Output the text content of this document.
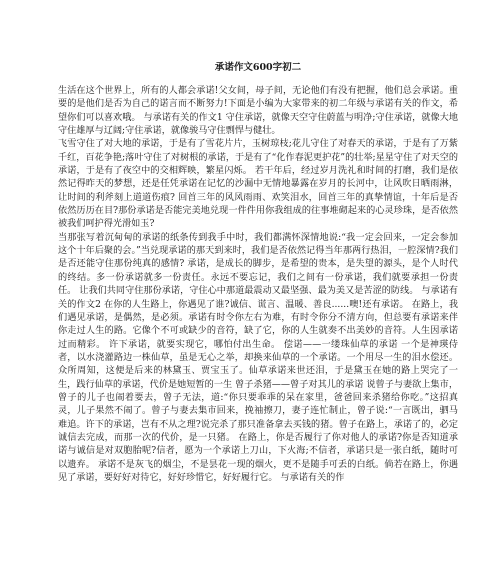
承诺作文600字初二

生活在这个世界上，所有的人都会承诺!父女间，母子间，无论他们有没有把握，他们总会承诺。重要的是他们是否为自己的诺言而不断努力!下面是小编为大家带来的初二年级与承诺有关的作文，希望你们可以喜欢哦。 与承诺有关的作文1 守住承诺，就像天空守住蔚蓝与明净;守住承诺，就像大地守住雄厚与辽阔;守住承诺，就像骏马守住剽悍与健壮。

飞雪守住了对大地的承诺，于是有了雪花片片，玉树琼枝;花儿守住了对春天的承诺，于是有了万紫千红，百花争艳;落叶守住了对树根的承诺，于是有了“化作春泥更护花”的壮举;星星守住了对天空的承诺，于是有了夜空中的交相辉映，繁星闪烁。 若干年后，经过岁月洗礼和时间的打磨，我们是依然记得昨天的梦想，还是任凭承诺在记忆的沙漏中无情地暴露在岁月的长河中，让风吹日晒雨淋，让时间的利斧刻上道道伤痕? 回首三年的风风雨雨、欢笑泪水，回首三年的真挚情谊，十年后是否依然历历在目?那份承诺是否能完美地兑现一件件用你我组成的往事堆砌起来的心灵珍珠，是否依然被我们呵护得光滑如玉?

当那张写着沉甸甸的承诺的纸条传到我手中时，我们都满怀深情地说:“我一定会回来，一定会参加这个十年后聚的会。”当兑现承诺的那天到来时，我们是否依然记得当年那两行热泪，一腔深情?我们是否还能守住那份纯真的感情? 承诺，是成长的脚步，是希望的贵本，是失望的源头，是个人时代的终结。多一份承诺就多一份责任。永远不要忘记，我们之间有一份承诺，我们就要承担一份责任。 让我们共同守住那份承诺，守住心中那道最震动又最坚强、最为美又是苦涩的防线。 与承诺有关的作文2 在你的人生路上，你遇见了谁?诚信、谎言、温暖、善良......噢!还有承诺。 在路上，我们遇见承诺，是偶然，是必须。承诺有时令你左右为难，有时令你分不清方向，但总要有承诺来伴你走过人生的路。它像个不可或缺少的音符，缺了它，你的人生就奏不出美妙的音符。人生因承诺过而精彩。 许下承诺，就要实现它，哪怕付出生命。 偿诺——一缕珠仙草的承诺 一个是神瑛侍者，以水浇灌路边一株仙草，虽是无心之举，却换来仙草的一个承诺。一个用尽一生的泪水偿还。众所周知，这便是后来的林黛玉、贾宝玉了。仙草承诺来世还泪，于是黛玉在她的路上哭完了一生，践行仙草的承诺，代价是她短暂的一生 曾子杀猪——曾子对其儿的承诺 说曾子与妻欲上集市，曾子的儿子也闹着要去，曾子无法，道:“你只要乖乖的呆在家里，爸爸回来杀猪给你吃。”这招真灵，儿子果然不闹了。曾子与妻去集市回来，挽袖擦刀，妻子连忙制止，曾子说:“一言既出，驷马难追。许下的承诺，岂有不从之理?说完杀了那只准备拿去买钱的猪。曾子在路上，承诺了的，必定诚信去完成，而那一次的代价，是一只猪。 在路上，你是否履行了你对他人的承诺?你是否知道承诺与诚信是对双胞胎呢?信者，愿为一个承诺上刀山，下火海;不信者，承诺只是一张白纸，随时可以遗弃。 承诺不是灰飞的烟尘，不是昙花一现的烟火，更不是随手可丢的白纸。倘若在路上，你遇见了承诺，要好好对待它，好好珍惜它，好好履行它。 与承诺有关的作
